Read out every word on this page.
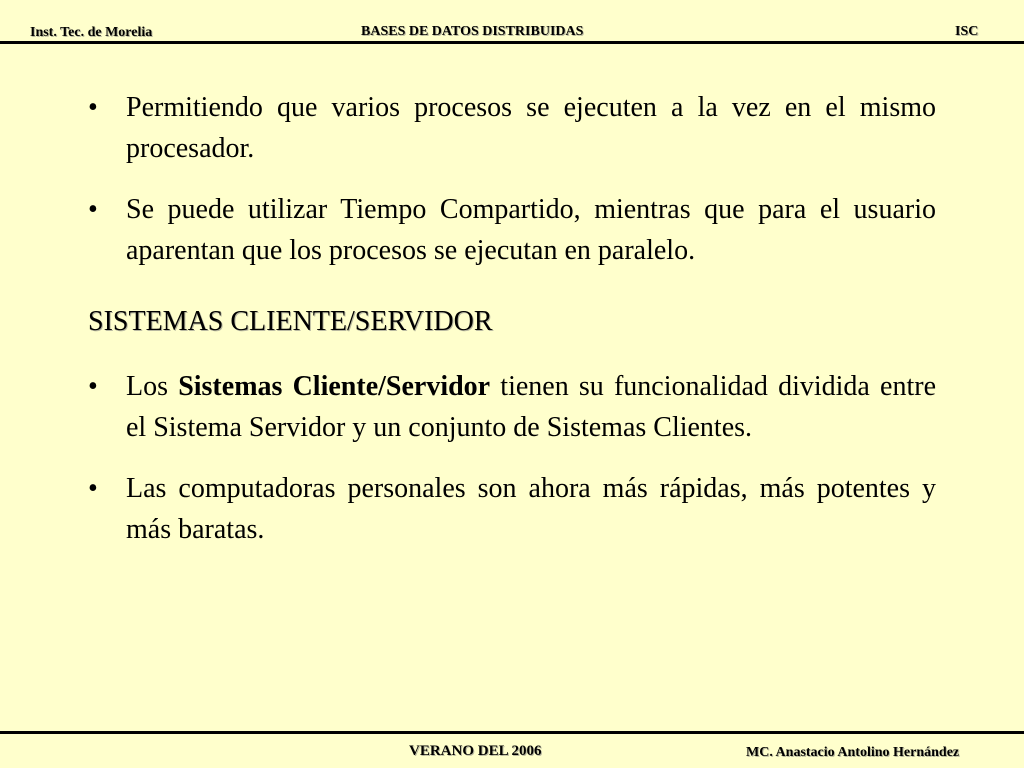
Inst. Tec. de Morelia	BASES DE DATOS DISTRIBUIDAS	ISC
• Permitiendo que varios procesos se ejecuten a la vez en el mismo procesador.
• Se puede utilizar Tiempo Compartido, mientras que para el usuario aparentan que los procesos se ejecutan en paralelo.
SISTEMAS CLIENTE/SERVIDOR
• Los Sistemas Cliente/Servidor tienen su funcionalidad dividida entre el Sistema Servidor y un conjunto de Sistemas Clientes.
• Las computadoras personales son ahora más rápidas, más potentes y más baratas.
VERANO DEL 2006	MC. Anastacio Antolino Hernández
